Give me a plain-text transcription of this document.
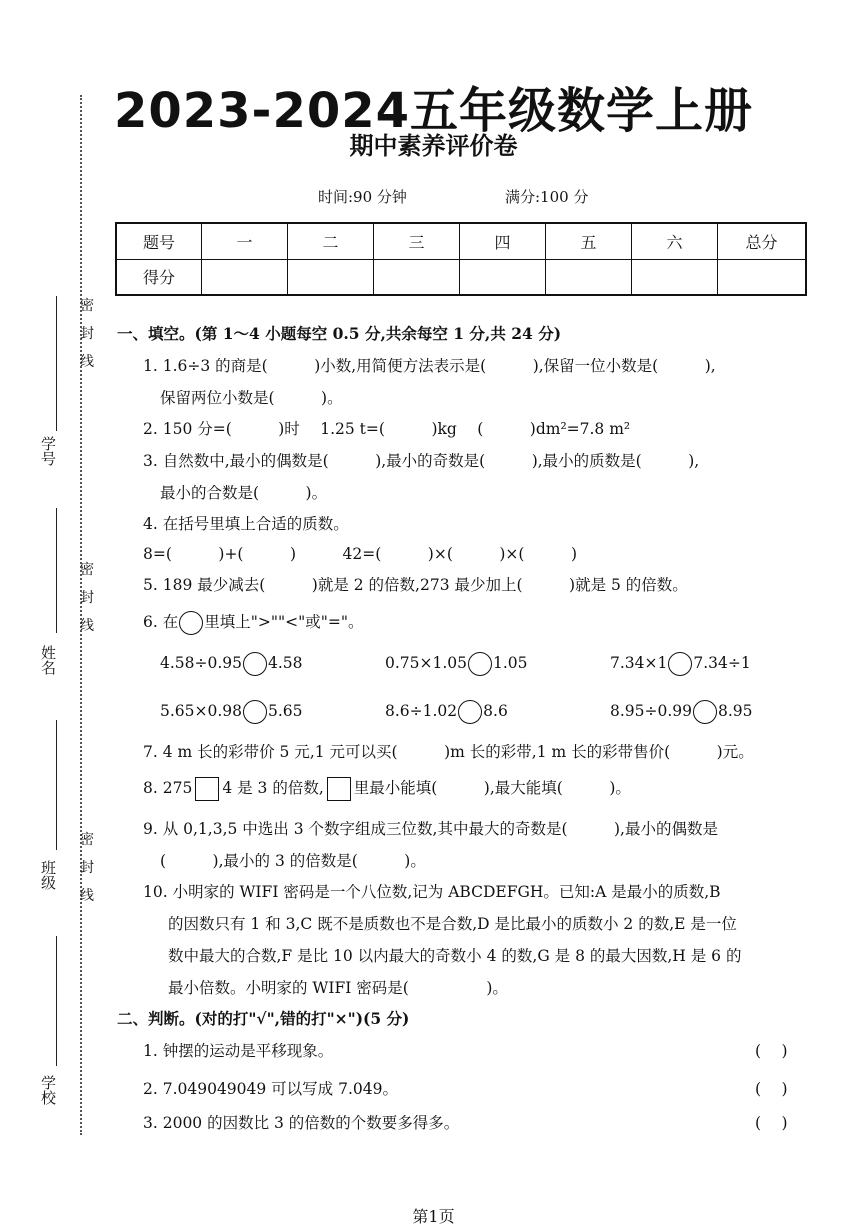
2023-2024五年级数学上册
期中素养评价卷
时间:90 分钟	满分:100 分
题号	一	二	三	四	五	六	总分
得分							
密
封
线
密
封
线
密
封
线
学号
姓名
班级
学校
一、填空。(第 1～4 小题每空 0.5 分,共余每空 1 分,共 24 分)
1. 1.6÷3 的商是(　　　)小数,用简便方法表示是(　　　),保留一位小数是(　　　),
保留两位小数是(　　　)。
2. 150 分=(　　　)时　 1.25 t=(　　　)kg　 (　　　)dm²=7.8 m²
3. 自然数中,最小的偶数是(　　　),最小的奇数是(　　　),最小的质数是(　　　),
最小的合数是(　　　)。
4. 在括号里填上合适的质数。
8=(　　　)+(　　　)　　　42=(　　　)×(　　　)×(　　　)
5. 189 最少减去(　　　)就是 2 的倍数,273 最少加上(　　　)就是 5 的倍数。
6. 在 里填上">""<"或"="。
4.58÷0.95 4.58	0.75×1.05 1.05	7.34×1 7.34÷1
5.65×0.98 5.65	8.6÷1.02 8.6	8.95÷0.99 8.95
7. 4 m 长的彩带价 5 元,1 元可以买(　　　)m 长的彩带,1 m 长的彩带售价(　　　)元。
8. 275 4 是 3 的倍数, 里最小能填(　　　),最大能填(　　　)。
9. 从 0,1,3,5 中选出 3 个数字组成三位数,其中最大的奇数是(　　　),最小的偶数是
(　　　),最小的 3 的倍数是(　　　)。
10. 小明家的 WIFI 密码是一个八位数,记为 ABCDEFGH。已知:A 是最小的质数,B
的因数只有 1 和 3,C 既不是质数也不是合数,D 是比最小的质数小 2 的数,E 是一位
数中最大的合数,F 是比 10 以内最大的奇数小 4 的数,G 是 8 的最大因数,H 是 6 的
最小倍数。小明家的 WIFI 密码是(　　　　　)。
二、判断。(对的打"√",错的打"×")(5 分)
1. 钟摆的运动是平移现象。	(　 )
2. 7.049049049 可以写成 7.049。	(　 )
3. 2000 的因数比 3 的倍数的个数要多得多。	(　 )
第1页
